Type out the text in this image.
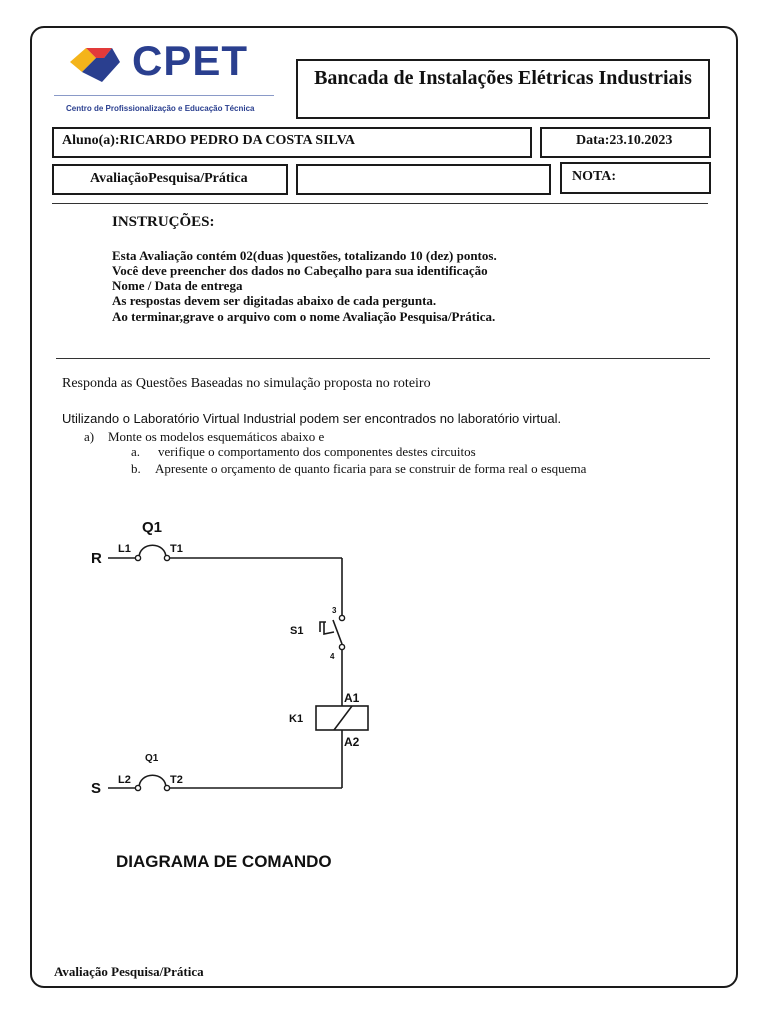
CPET
Centro de Profissionalização e Educação Técnica
Bancada de Instalações Elétricas Industriais
Aluno(a):RICARDO PEDRO DA COSTA SILVA	Data:23.10.2023
AvaliaçãoPesquisa/Prática	NOTA:
INSTRUÇÕES:
Esta Avaliação contém 02(duas )questões, totalizando 10 (dez) pontos.
Você deve preencher dos dados no Cabeçalho para sua identificação
Nome / Data de entrega
As respostas devem ser digitadas abaixo de cada pergunta.
Ao terminar,grave o arquivo com o nome Avaliação Pesquisa/Prática.
Responda as Questões Baseadas no simulação proposta no roteiro
Utilizando o Laboratório Virtual Industrial podem ser encontrados no laboratório virtual.
a) Monte os modelos esquemáticos abaixo e
a. verifique o comportamento dos componentes destes circuitos
b. Apresente o orçamento de quanto ficaria para se construir de forma real o esquema
Q1
R
L1	T1
3
S1
4
A1
K1
A2
Q1
S L2	T2
DIAGRAMA DE COMANDO
Avaliação Pesquisa/Prática
